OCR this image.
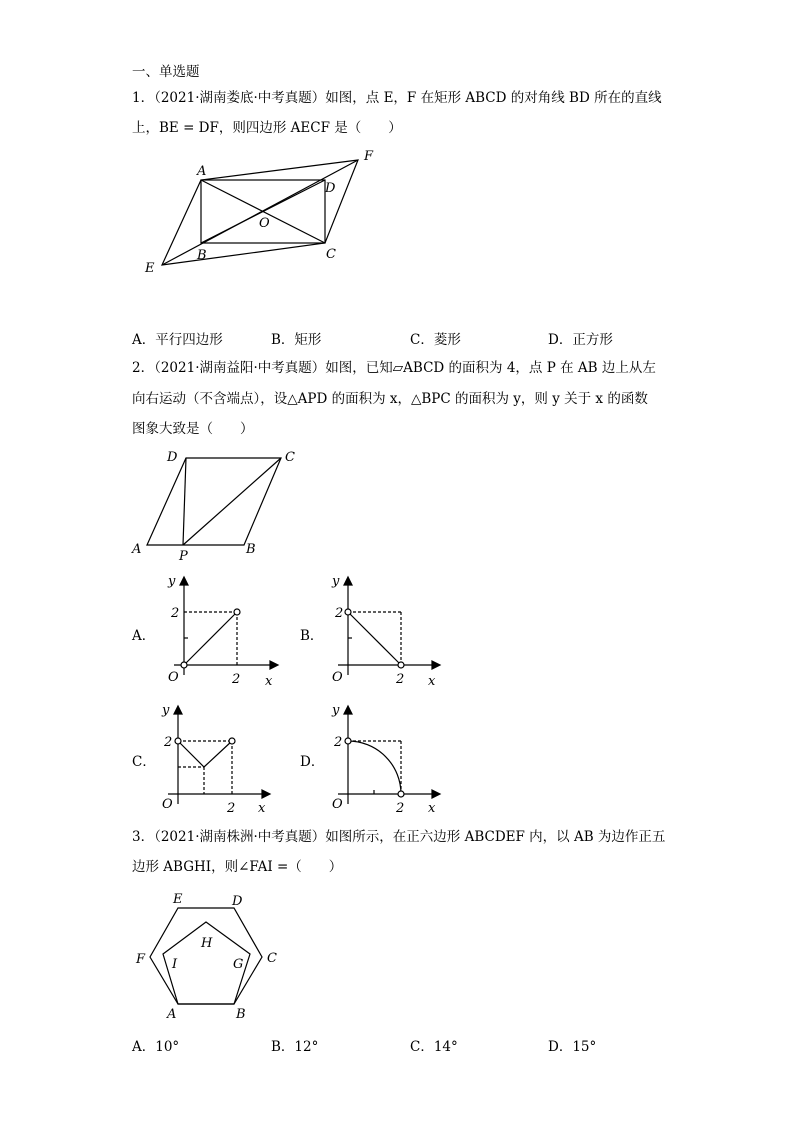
一、单选题
1．（2021·湖南娄底·中考真题）如图，点 E，F 在矩形 ABCD 的对角线 BD 所在的直线
上，BE = DF，则四边形 AECF 是（　　）
A
B	C
D
E
F
O
A．平行四边形	B．矩形	C．菱形	D．正方形
2．（2021·湖南益阳·中考真题）如图，已知▱ABCD 的面积为 4，点 P 在 AB 边上从左
向右运动（不含端点），设△APD 的面积为 x，△BPC 的面积为 y，则 y 关于 x 的函数
图象大致是（　　）
A	B
C
D
P
A．
y
x
O
2
2
B．
y
x
O
2
2
C．
y
x
O
2
2
D．
y
x
O
2
2
3．（2021·湖南株洲·中考真题）如图所示，在正六边形 ABCDEF 内，以 AB 为边作正五
边形 ABGHI，则∠FAI =（　　）
A	B
C
D
E
F	G
H
I
A．10°	B．12°	C．14°	D．15°
